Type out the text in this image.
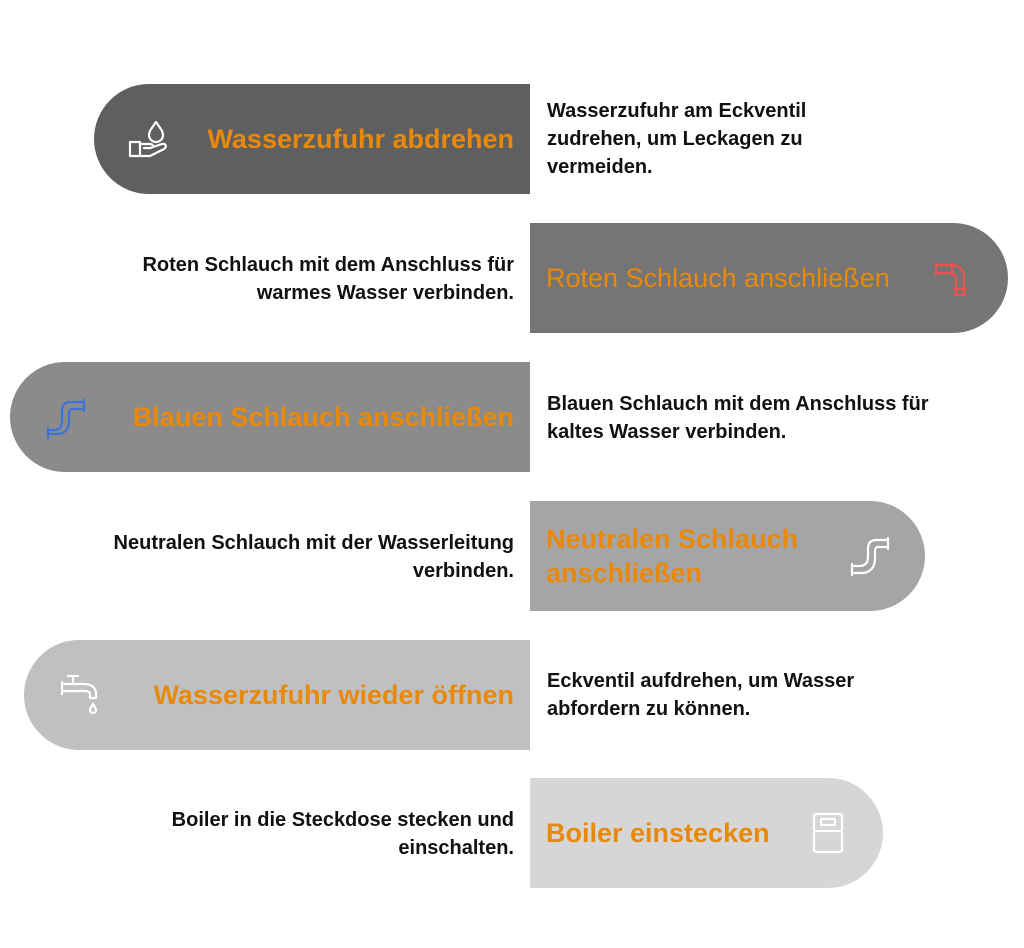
Wasserzufuhr abdrehen
Wasserzufuhr am Eckventil zudrehen, um Leckagen zu vermeiden.
Roten Schlauch anschließen
Roten Schlauch mit dem Anschluss für warmes Wasser verbinden.
Blauen Schlauch anschließen Blauen Schlauch mit dem Anschluss für kaltes Wasser verbinden.
Neutralen Schlauch anschließen
Neutralen Schlauch mit der Wasserleitung verbinden.
Wasserzufuhr wieder öffnen Eckventil aufdrehen, um Wasser abfordern zu können.
Boiler einstecken
Boiler in die Steckdose stecken und einschalten.
